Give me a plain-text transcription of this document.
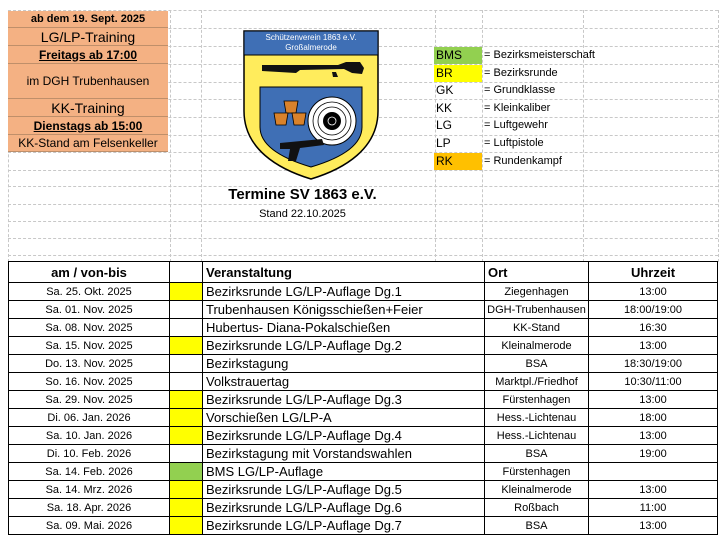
ab dem 19. Sept. 2025
LG/LP-Training
Freitags ab 17:00
im DGH Trubenhausen
KK-Training
Dienstags ab 15:00
KK-Stand am Felsenkeller
Schützenverein 1863 e.V.
Großalmerode
BMS	= Bezirksmeisterschaft
BR	= Bezirksrunde
GK	= Grundklasse
KK	= Kleinkaliber
LG	= Luftgewehr
LP	= Luftpistole
RK	= Rundenkampf
Termine SV 1863 e.V.
Stand 22.10.2025
am / von-bis		Veranstaltung	Ort	Uhrzeit
Sa. 25. Okt. 2025		Bezirksrunde LG/LP-Auflage Dg.1	Ziegenhagen	13:00
Sa. 01. Nov. 2025		Trubenhausen Königsschießen+Feier	DGH-Trubenhausen	18:00/19:00
Sa. 08. Nov. 2025		Hubertus- Diana-Pokalschießen	KK-Stand	16:30
Sa. 15. Nov. 2025		Bezirksrunde LG/LP-Auflage Dg.2	Kleinalmerode	13:00
Do. 13. Nov. 2025		Bezirkstagung	BSA	18:30/19:00
So. 16. Nov. 2025		Volkstrauertag	Marktpl./Friedhof	10:30/11:00
Sa. 29. Nov. 2025		Bezirksrunde LG/LP-Auflage Dg.3	Fürstenhagen	13:00
Di. 06. Jan. 2026		Vorschießen LG/LP-A	Hess.-Lichtenau	18:00
Sa. 10. Jan. 2026		Bezirksrunde LG/LP-Auflage Dg.4	Hess.-Lichtenau	13:00
Di. 10. Feb. 2026		Bezirkstagung mit Vorstandswahlen	BSA	19:00
Sa. 14. Feb. 2026		BMS LG/LP-Auflage	Fürstenhagen	
Sa. 14. Mrz. 2026		Bezirksrunde LG/LP-Auflage Dg.5	Kleinalmerode	13:00
Sa. 18. Apr. 2026		Bezirksrunde LG/LP-Auflage Dg.6	Roßbach	11:00
Sa. 09. Mai. 2026		Bezirksrunde LG/LP-Auflage Dg.7	BSA	13:00
